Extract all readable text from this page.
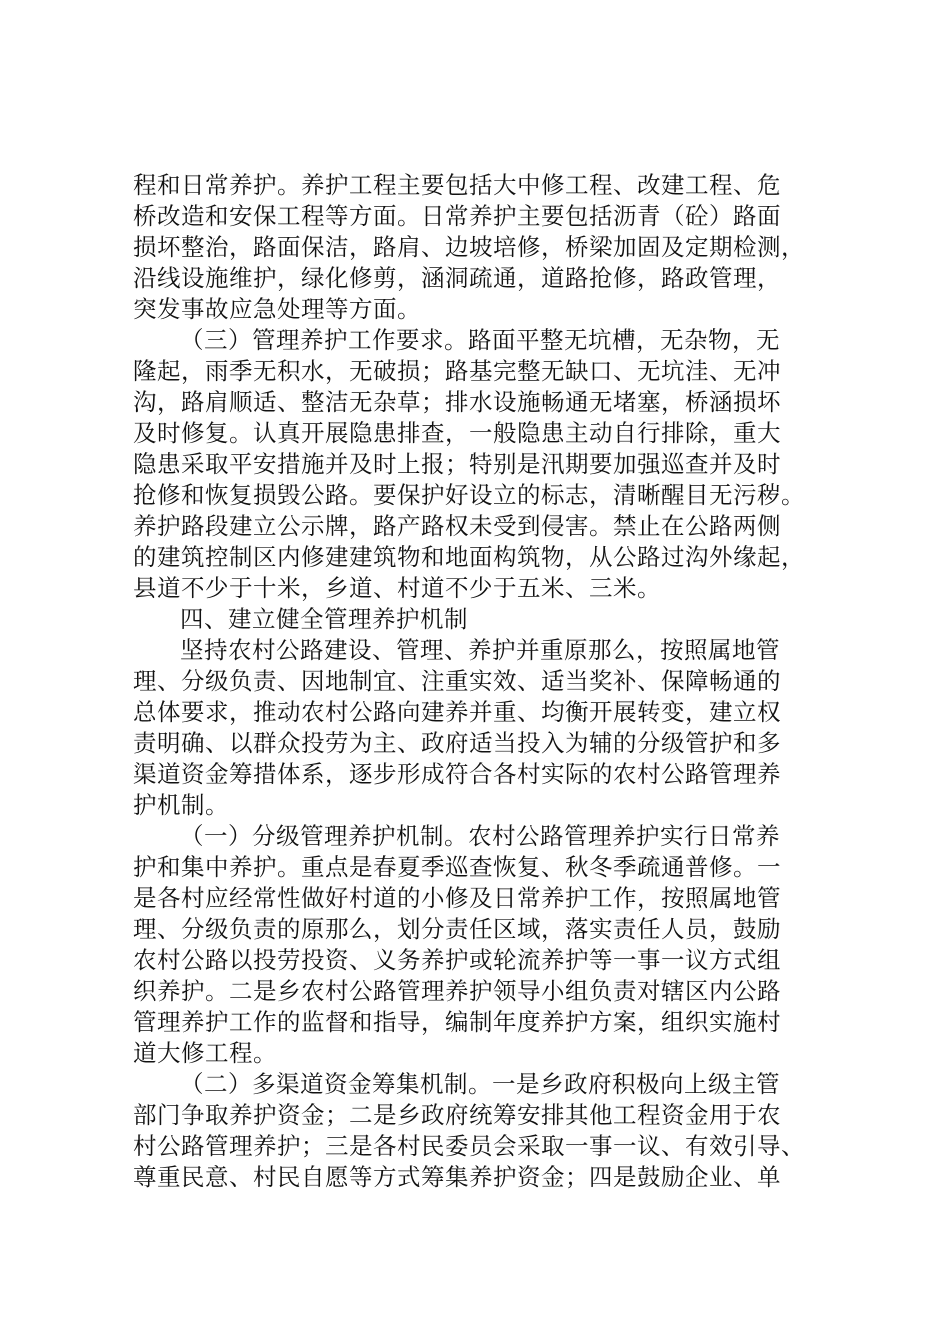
程和日常养护。养护工程主要包括大中修工程、改建工程、危
桥改造和安保工程等方面。日常养护主要包括沥青（砼）路面
损坏整治，路面保洁，路肩、边坡培修，桥梁加固及定期检测，
沿线设施维护，绿化修剪，涵洞疏通，道路抢修，路政管理，
突发事故应急处理等方面。

（三）管理养护工作要求。路面平整无坑槽，无杂物，无
隆起，雨季无积水，无破损；路基完整无缺口、无坑洼、无冲
沟，路肩顺适、整洁无杂草；排水设施畅通无堵塞，桥涵损坏
及时修复。认真开展隐患排查，一般隐患主动自行排除，重大
隐患采取平安措施并及时上报；特别是汛期要加强巡查并及时
抢修和恢复损毁公路。要保护好设立的标志，清晰醒目无污秽。
养护路段建立公示牌，路产路权未受到侵害。禁止在公路两侧
的建筑控制区内修建建筑物和地面构筑物，从公路过沟外缘起，
县道不少于十米，乡道、村道不少于五米、三米。

四、建立健全管理养护机制

坚持农村公路建设、管理、养护并重原那么，按照属地管
理、分级负责、因地制宜、注重实效、适当奖补、保障畅通的
总体要求，推动农村公路向建养并重、均衡开展转变，建立权
责明确、以群众投劳为主、政府适当投入为辅的分级管护和多
渠道资金筹措体系，逐步形成符合各村实际的农村公路管理养
护机制。

（一）分级管理养护机制。农村公路管理养护实行日常养
护和集中养护。重点是春夏季巡查恢复、秋冬季疏通普修。一
是各村应经常性做好村道的小修及日常养护工作，按照属地管
理、分级负责的原那么，划分责任区域，落实责任人员，鼓励
农村公路以投劳投资、义务养护或轮流养护等一事一议方式组
织养护。二是乡农村公路管理养护领导小组负责对辖区内公路
管理养护工作的监督和指导，编制年度养护方案，组织实施村
道大修工程。

（二）多渠道资金筹集机制。一是乡政府积极向上级主管
部门争取养护资金；二是乡政府统筹安排其他工程资金用于农
村公路管理养护；三是各村民委员会采取一事一议、有效引导、
尊重民意、村民自愿等方式筹集养护资金；四是鼓励企业、单
